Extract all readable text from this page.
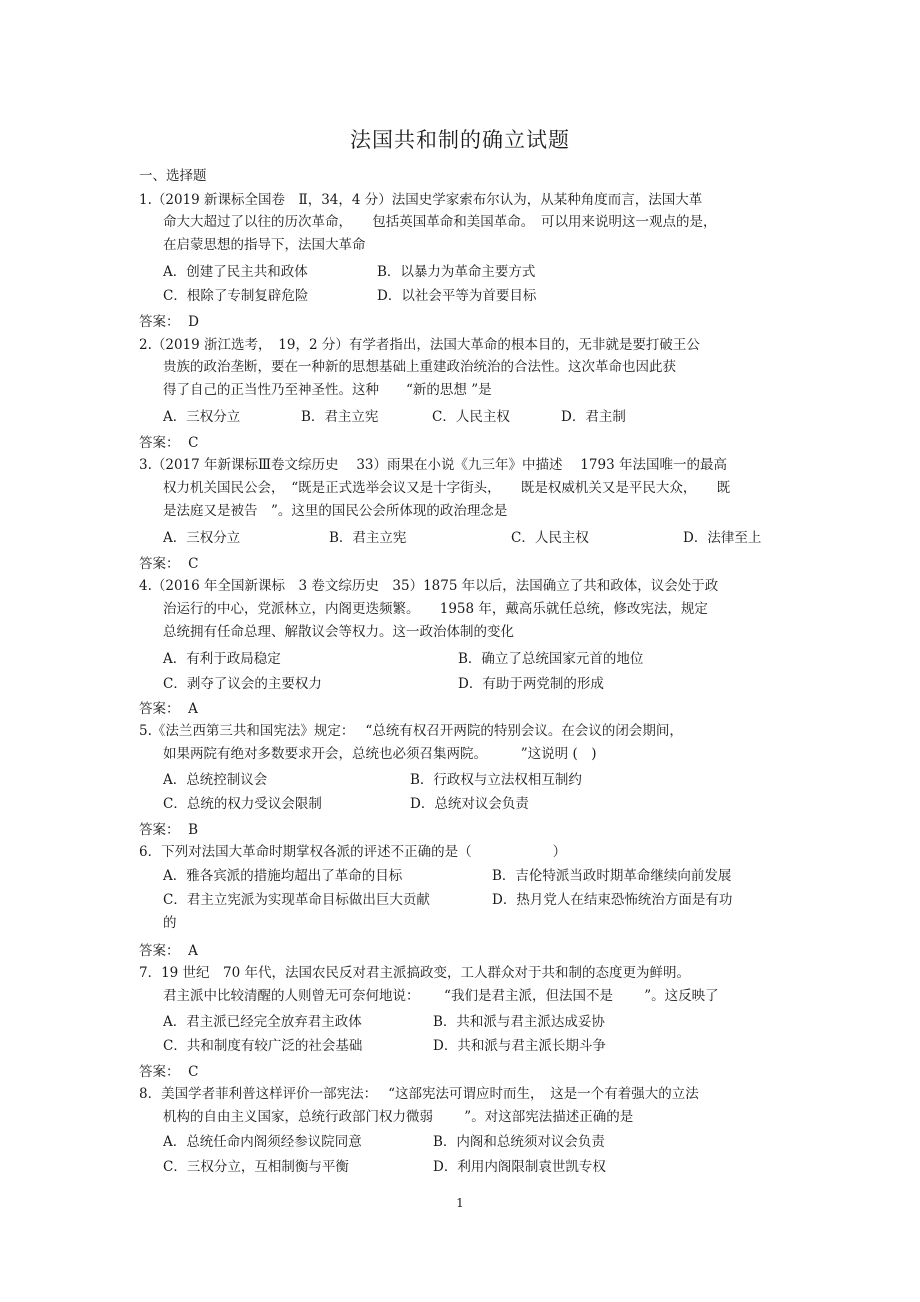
法国共和制的确立试题
一、选择题
1.（2019 新课标全国卷　Ⅱ，34，4 分）法国史学家索布尔认为，从某种角度而言，法国大革
命大大超过了以往的历次革命，　　包括英国革命和美国革命。　可以用来说明这一观点的是，
在启蒙思想的指导下，法国大革命
A．创建了民主共和政体	B．以暴力为革命主要方式
C．根除了专制复辟危险	D．以社会平等为首要目标
答案：  D
2.（2019 浙江选考，　19，2 分）有学者指出，法国大革命的根本目的，无非就是要打破王公
贵族的政治垄断，要在一种新的思想基础上重建政治统治的合法性。这次革命也因此获
得了自己的正当性乃至神圣性。这种　　“新的思想 ”是
A．三权分立	B．君主立宪	C．人民主权	D．君主制
答案：  C
3.（2017 年新课标Ⅲ卷文综历史　 33）雨果在小说《九三年》中描述　 1793 年法国唯一的最高
权力机关国民公会，　“既是正式选举会议又是十字街头，　　既是权威机关又是平民大众，　　既
是法庭又是被告　”。这里的国民公会所体现的政治理念是
A．三权分立	B．君主立宪	C．人民主权	D．法律至上
答案：  C
4.（2016 年全国新课标　3 卷文综历史　35）1875 年以后，法国确立了共和政体，议会处于政
治运行的中心，党派林立，内阁更迭频繁。　　1958 年，戴高乐就任总统，修改宪法，规定
总统拥有任命总理、解散议会等权力。这一政治体制的变化
A．有利于政局稳定	B．确立了总统国家元首的地位
C．剥夺了议会的主要权力	D．有助于两党制的形成
答案：  A
5.《法兰西第三共和国宪法》规定：　 “总统有权召开两院的特别会议。在会议的闭会期间，
如果两院有绝对多数要求开会，总统也必须召集两院。　　　”这说明 (　)
A．总统控制议会	B．行政权与立法权相互制约
C．总统的权力受议会限制	D．总统对议会负责
答案：  B
6．下列对法国大革命时期掌权各派的评述不正确的是（　　　　　　）
A．雅各宾派的措施均超出了革命的目标	B．吉伦特派当政时期革命继续向前发展
C．君主立宪派为实现革命目标做出巨大贡献	D．热月党人在结束恐怖统治方面是有功
的
答案：  A
7．19 世纪　70 年代，法国农民反对君主派搞政变，工人群众对于共和制的态度更为鲜明。
君主派中比较清醒的人则曾无可奈何地说：　　 “我们是君主派，但法国不是　　 ”。这反映了
A．君主派已经完全放弃君主政体	B．共和派与君主派达成妥协
C．共和制度有较广泛的社会基础	D．共和派与君主派长期斗争
答案：  C
8．美国学者菲利普这样评价一部宪法：　 “这部宪法可谓应时而生，　这是一个有着强大的立法
机构的自由主义国家，总统行政部门权力微弱　　 ”。对这部宪法描述正确的是
A．总统任命内阁须经参议院同意	B．内阁和总统须对议会负责
C．三权分立，互相制衡与平衡	D．利用内阁限制袁世凯专权
1
